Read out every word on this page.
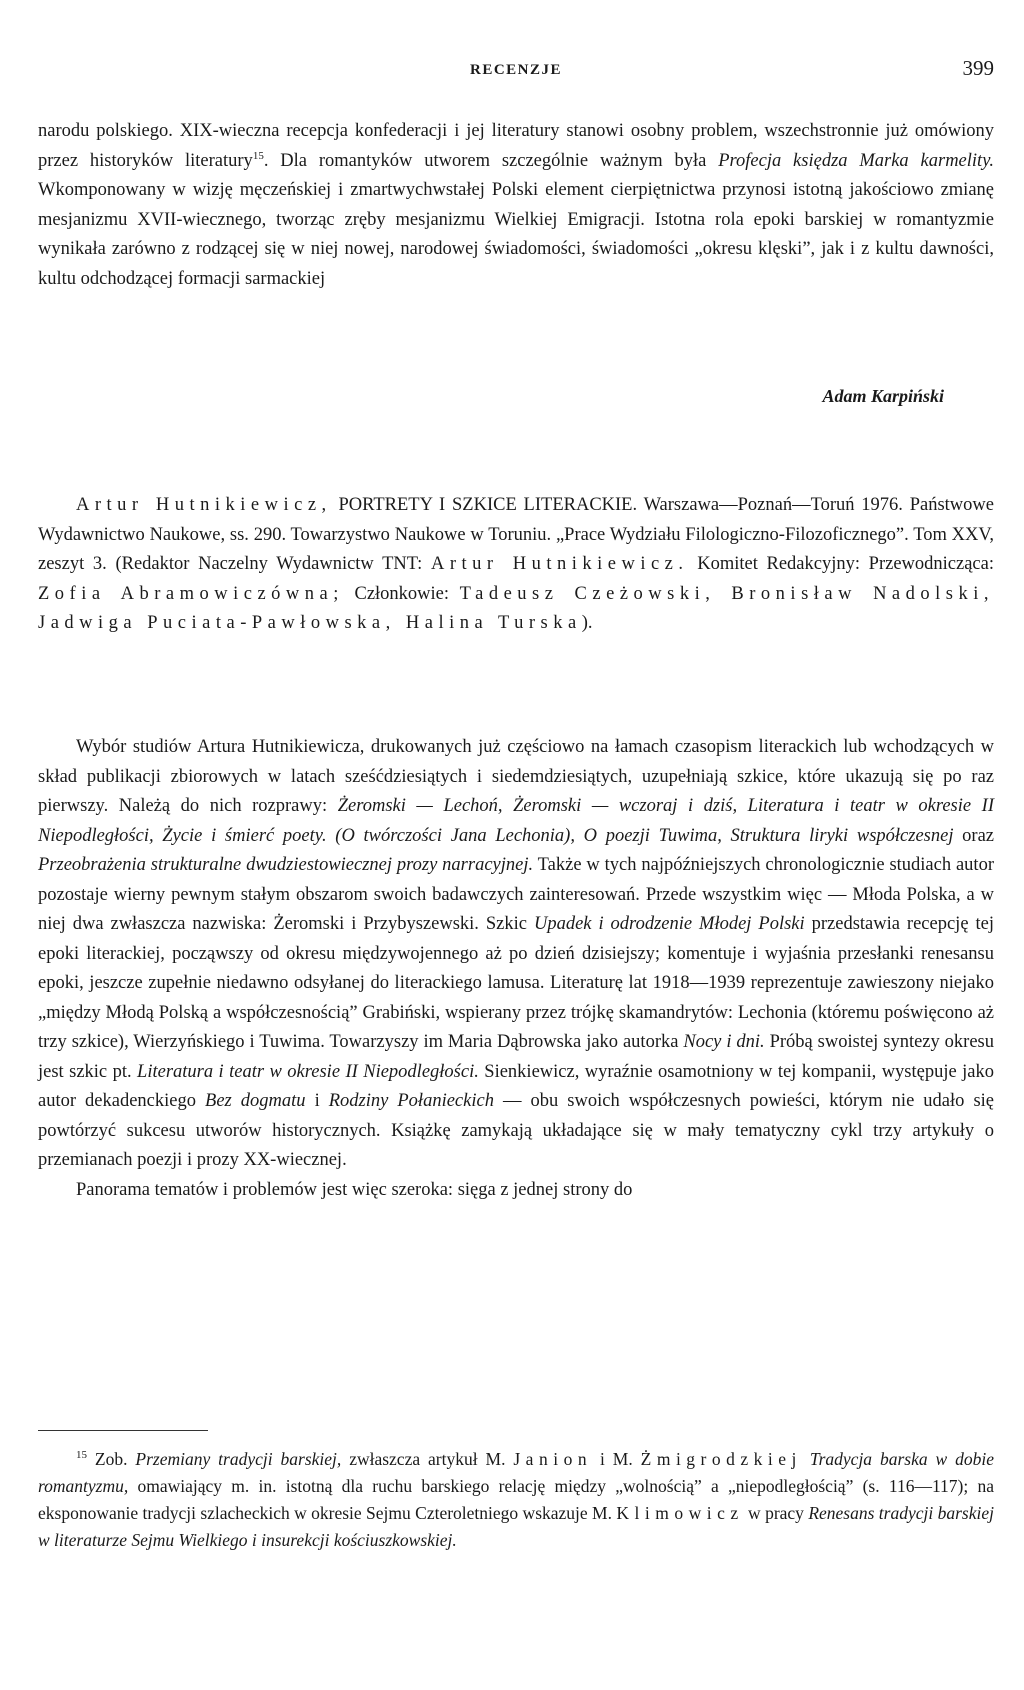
RECENZJE	399

narodu polskiego. XIX-wieczna recepcja konfederacji i jej literatury stanowi osobny problem, wszechstronnie już omówiony przez historyków literatury$^{15}$. Dla romantyków utworem szczególnie ważnym była Profecja księdza Marka karmelity. Wkomponowany w wizję męczeńskiej i zmartwychwstałej Polski element cierpiętnictwa przynosi istotną jakościowo zmianę mesjanizmu XVII-wiecznego, tworząc zręby mesjanizmu Wielkiej Emigracji. Istotna rola epoki barskiej w romantyzmie wynikała zarówno z rodzącej się w niej nowej, narodowej świadomości, świadomości „okresu klęski”, jak i z kultu dawności, kultu odchodzącej formacji sarmackiej

Adam Karpiński

Artur Hutnikiewicz, PORTRETY I SZKICE LITERACKIE. Warszawa—Poznań—Toruń 1976. Państwowe Wydawnictwo Naukowe, ss. 290. Towarzystwo Naukowe w Toruniu. „Prace Wydziału Filologiczno-Filozoficznego”. Tom XXV, zeszyt 3. (Redaktor Naczelny Wydawnictw TNT: Artur Hutnikiewicz. Komitet Redakcyjny: Przewodnicząca: Zofia Abramowiczówna; Członkowie: Tadeusz Czeżowski, Bronisław Nadolski, Jadwiga Puciata-Pawłowska, Halina Turska).

Wybór studiów Artura Hutnikiewicza, drukowanych już częściowo na łamach czasopism literackich lub wchodzących w skład publikacji zbiorowych w latach sześćdziesiątych i siedemdziesiątych, uzupełniają szkice, które ukazują się po raz pierwszy. Należą do nich rozprawy: Żeromski — Lechoń, Żeromski — wczoraj i dziś, Literatura i teatr w okresie II Niepodległości, Życie i śmierć poety. (O twórczości Jana Lechonia), O poezji Tuwima, Struktura liryki współczesnej oraz Przeobrażenia strukturalne dwudziestowiecznej prozy narracyjnej. Także w tych najpóźniejszych chronologicznie studiach autor pozostaje wierny pewnym stałym obszarom swoich badawczych zainteresowań. Przede wszystkim więc — Młoda Polska, a w niej dwa zwłaszcza nazwiska: Żeromski i Przybyszewski. Szkic Upadek i odrodzenie Młodej Polski przedstawia recepcję tej epoki literackiej, począwszy od okresu międzywojennego aż po dzień dzisiejszy; komentuje i wyjaśnia przesłanki renesansu epoki, jeszcze zupełnie niedawno odsyłanej do literackiego lamusa. Literaturę lat 1918—1939 reprezentuje zawieszony niejako „między Młodą Polską a współczesnością” Grabiński, wspierany przez trójkę skamandrytów: Lechonia (któremu poświęcono aż trzy szkice), Wierzyńskiego i Tuwima. Towarzyszy im Maria Dąbrowska jako autorka Nocy i dni. Próbą swoistej syntezy okresu jest szkic pt. Literatura i teatr w okresie II Niepodległości. Sienkiewicz, wyraźnie osamotniony w tej kompanii, występuje jako autor dekadenckiego Bez dogmatu i Rodziny Połanieckich — obu swoich współczesnych powieści, którym nie udało się powtórzyć sukcesu utworów historycznych. Książkę zamykają układające się w mały tematyczny cykl trzy artykuły o przemianach poezji i prozy XX-wiecznej.

Panorama tematów i problemów jest więc szeroka: sięga z jednej strony do

$^{15}$ Zob. Przemiany tradycji barskiej, zwłaszcza artykuł M. Janion i M. Żmigrodzkiej Tradycja barska w dobie romantyzmu, omawiający m. in. istotną dla ruchu barskiego relację między „wolnością” a „niepodległością” (s. 116—117); na eksponowanie tradycji szlacheckich w okresie Sejmu Czteroletniego wskazuje M. Klimowicz w pracy Renesans tradycji barskiej w literaturze Sejmu Wielkiego i insurekcji kościuszkowskiej.
